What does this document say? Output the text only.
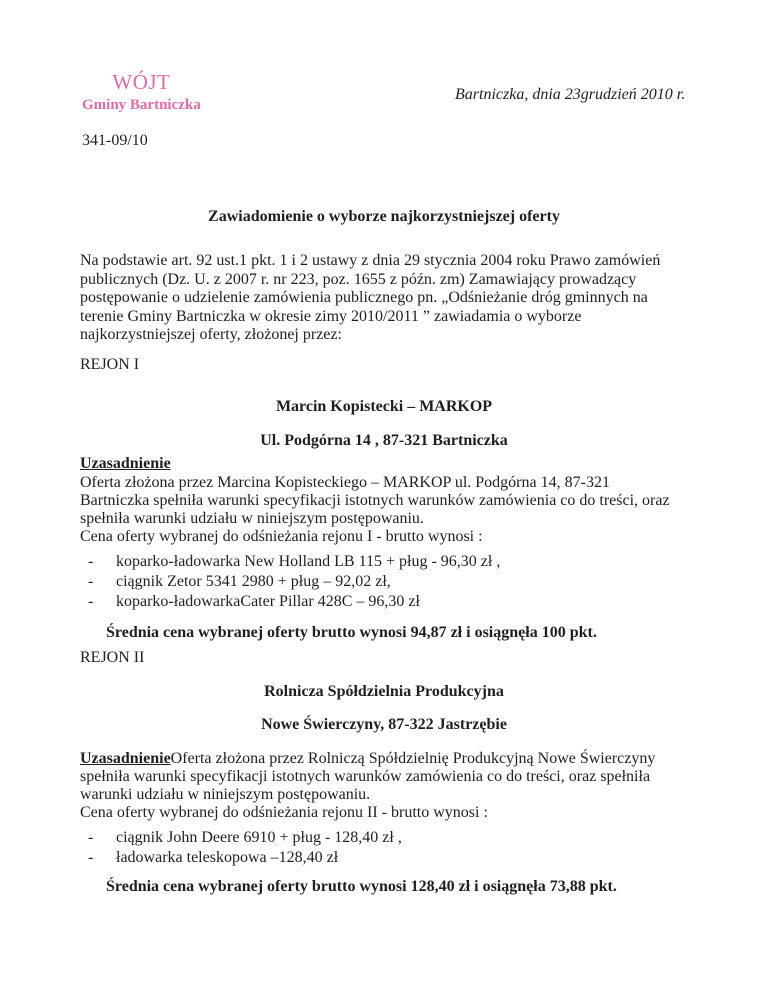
WÓJT
Gminy Bartniczka
Bartniczka, dnia 23grudzień 2010 r.
341-09/10
Zawiadomienie o wyborze najkorzystniejszej oferty
Na podstawie art. 92 ust.1 pkt. 1 i 2 ustawy z dnia 29 stycznia 2004 roku Prawo zamówień
publicznych (Dz. U. z 2007 r. nr 223, poz. 1655 z późn. zm) Zamawiający prowadzący
postępowanie o udzielenie zamówienia publicznego pn. „Odśnieżanie dróg gminnych na
terenie Gminy Bartniczka w okresie zimy 2010/2011 ” zawiadamia o wyborze
najkorzystniejszej oferty, złożonej przez:
REJON I
Marcin Kopistecki – MARKOP
Ul. Podgórna 14 , 87-321 Bartniczka
Uzasadnienie
Oferta złożona przez Marcina Kopisteckiego – MARKOP ul. Podgórna 14, 87-321
Bartniczka spełniła warunki specyfikacji istotnych warunków zamówienia co do treści, oraz
spełniła warunki udziału w niniejszym postępowaniu.
Cena oferty wybranej do odśnieżania rejonu I - brutto wynosi :
- koparko-ładowarka New Holland LB 115 + pług - 96,30 zł ,
- ciągnik Zetor 5341 2980 + pług – 92,02 zł,
- koparko-ładowarkaCater Pillar 428C – 96,30 zł
Średnia cena wybranej oferty brutto wynosi 94,87 zł i osiągnęła 100 pkt.
REJON II
Rolnicza Spółdzielnia Produkcyjna
Nowe Świerczyny, 87-322 Jastrzębie
UzasadnienieOferta złożona przez Rolniczą Spółdzielnię Produkcyjną Nowe Świerczyny
spełniła warunki specyfikacji istotnych warunków zamówienia co do treści, oraz spełniła
warunki udziału w niniejszym postępowaniu.
Cena oferty wybranej do odśnieżania rejonu II - brutto wynosi :
- ciągnik John Deere 6910 + pług - 128,40 zł ,
- ładowarka teleskopowa –128,40 zł
Średnia cena wybranej oferty brutto wynosi 128,40 zł i osiągnęła 73,88 pkt.
